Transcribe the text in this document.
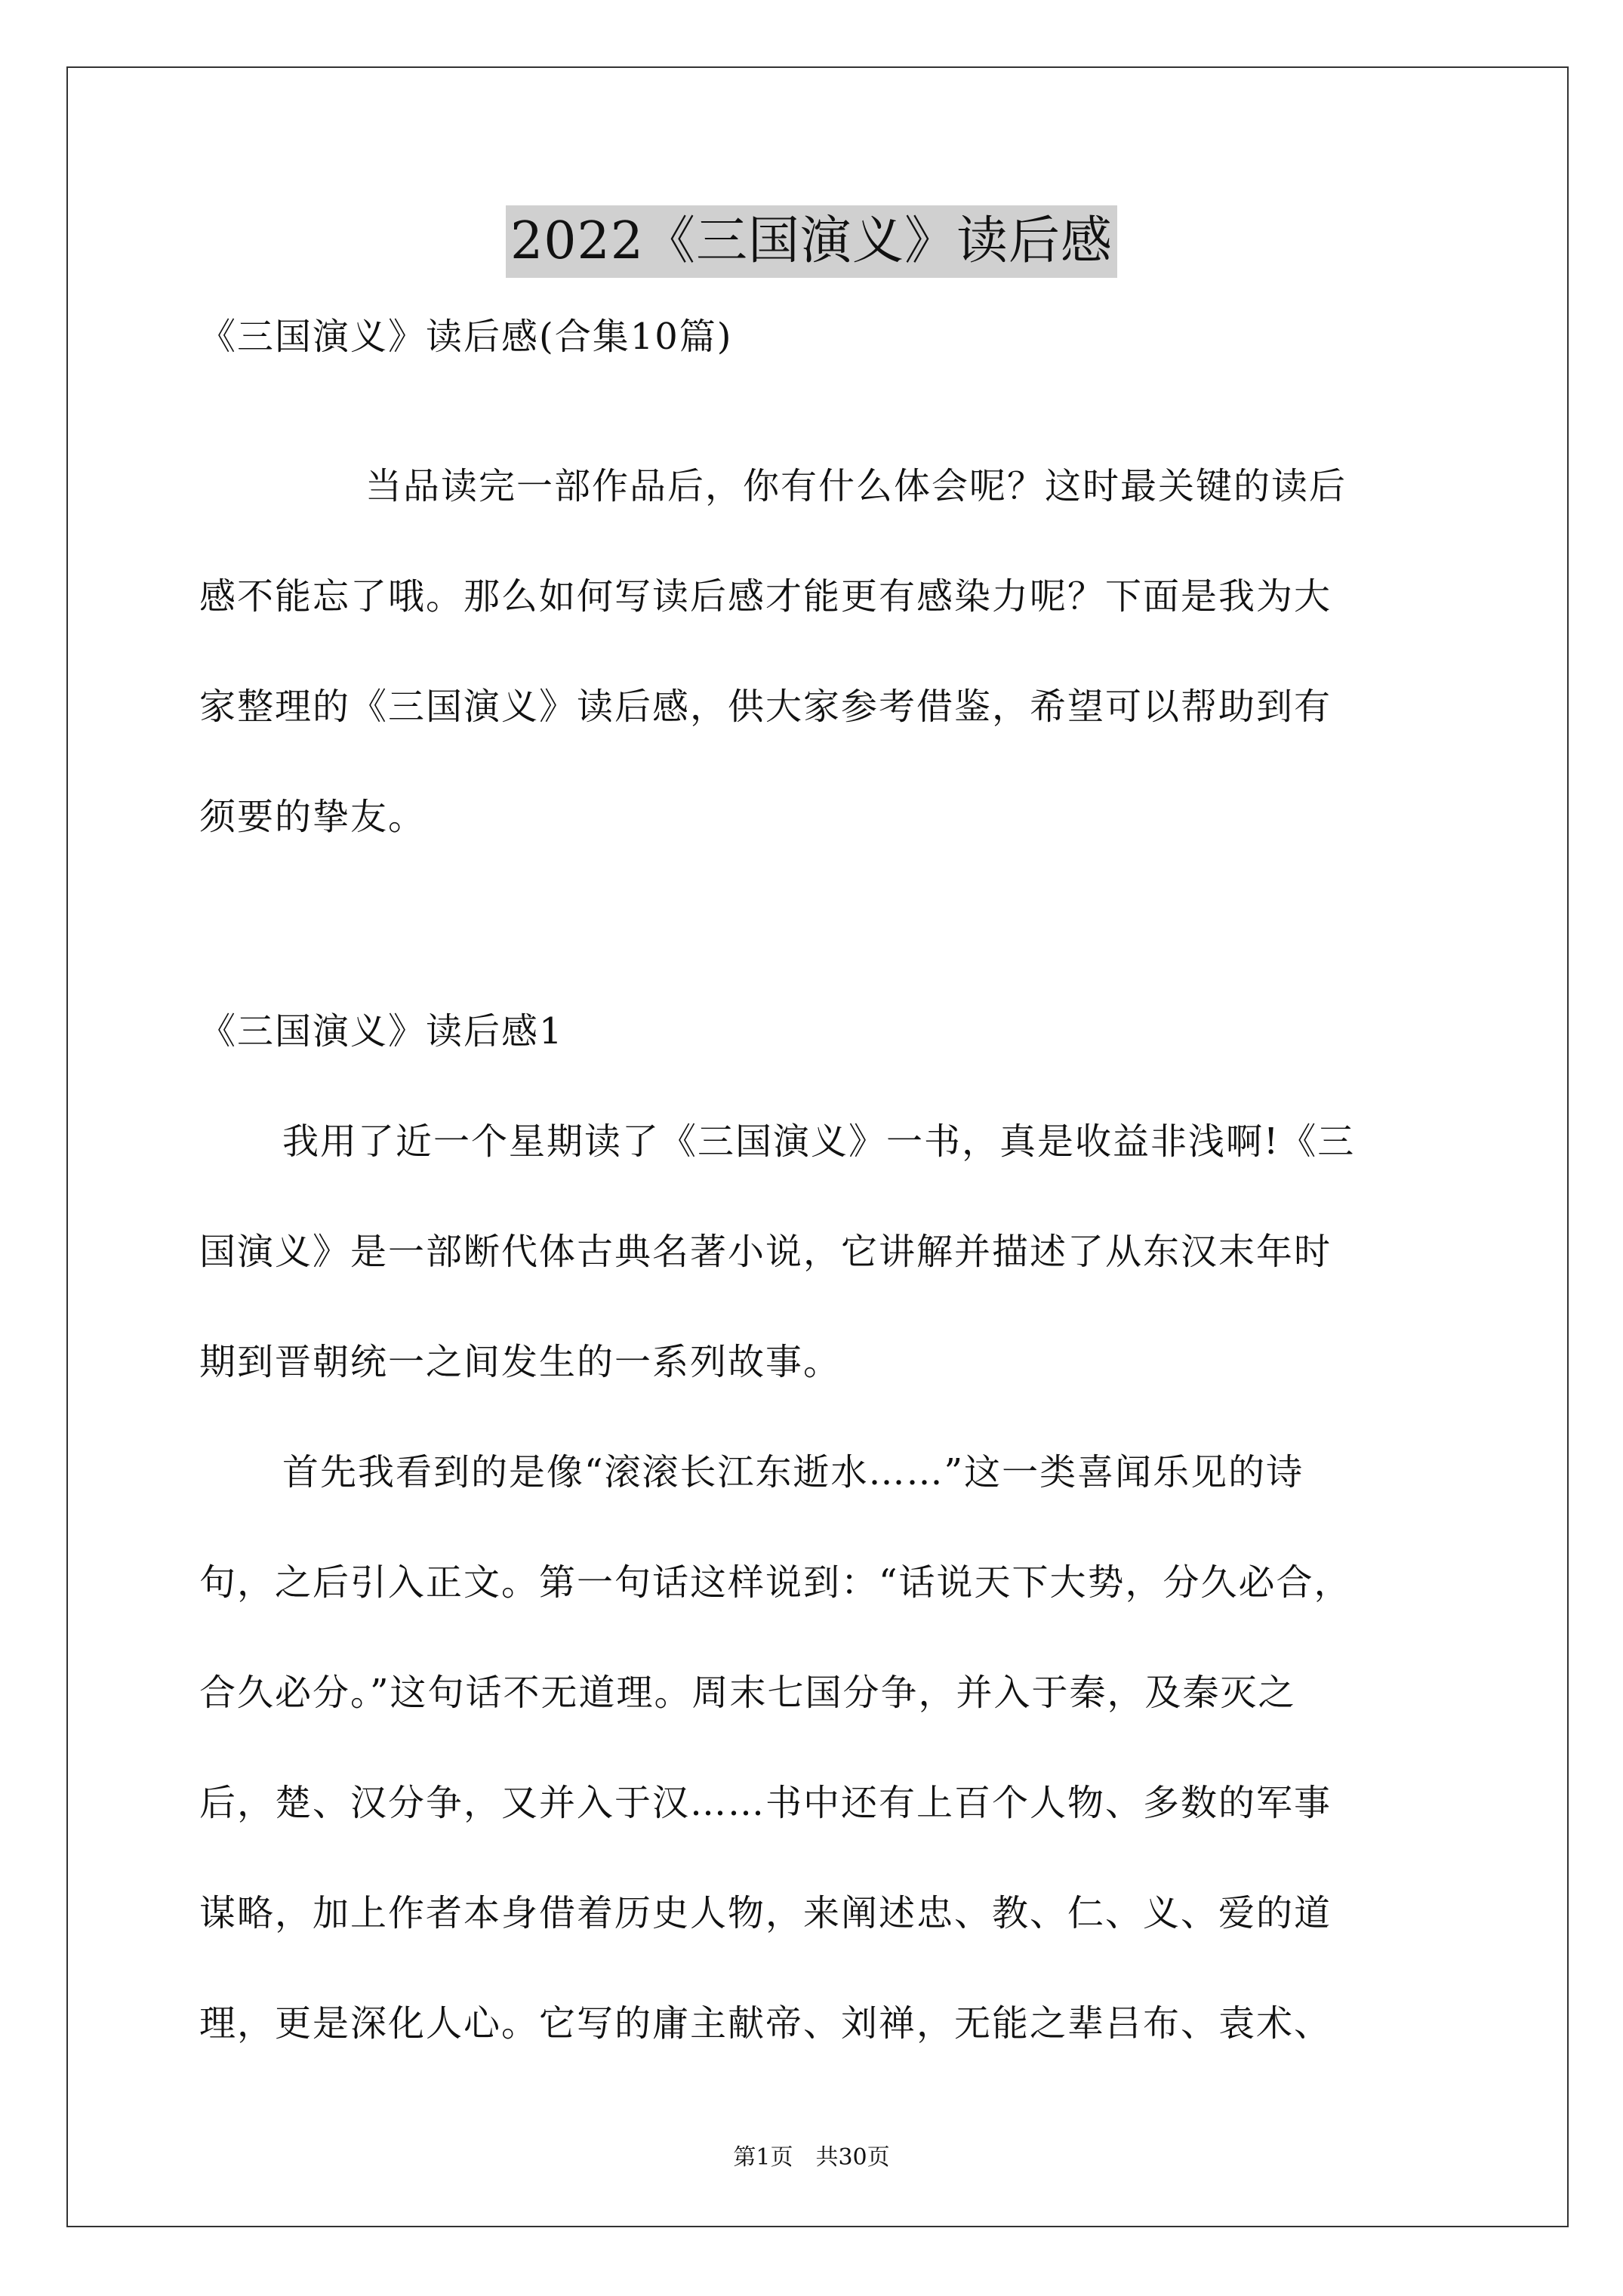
2022《三国演义》读后感
《三国演义》读后感(合集10篇)
当品读完一部作品后，你有什么体会呢？这时最关键的读后
感不能忘了哦。那么如何写读后感才能更有感染力呢？下面是我为大
家整理的《三国演义》读后感，供大家参考借鉴，希望可以帮助到有
须要的挚友。
《三国演义》读后感1
我用了近一个星期读了《三国演义》一书，真是收益非浅啊!《三
国演义》是一部断代体古典名著小说，它讲解并描述了从东汉末年时
期到晋朝统一之间发生的一系列故事。
首先我看到的是像“滚滚长江东逝水……”这一类喜闻乐见的诗
句，之后引入正文。第一句话这样说到：“话说天下大势，分久必合，
合久必分。”这句话不无道理。周末七国分争，并入于秦，及秦灭之
后，楚、汉分争，又并入于汉……书中还有上百个人物、多数的军事
谋略，加上作者本身借着历史人物，来阐述忠、教、仁、义、爱的道
理，更是深化人心。它写的庸主献帝、刘禅，无能之辈吕布、袁术、
第1页　共30页
